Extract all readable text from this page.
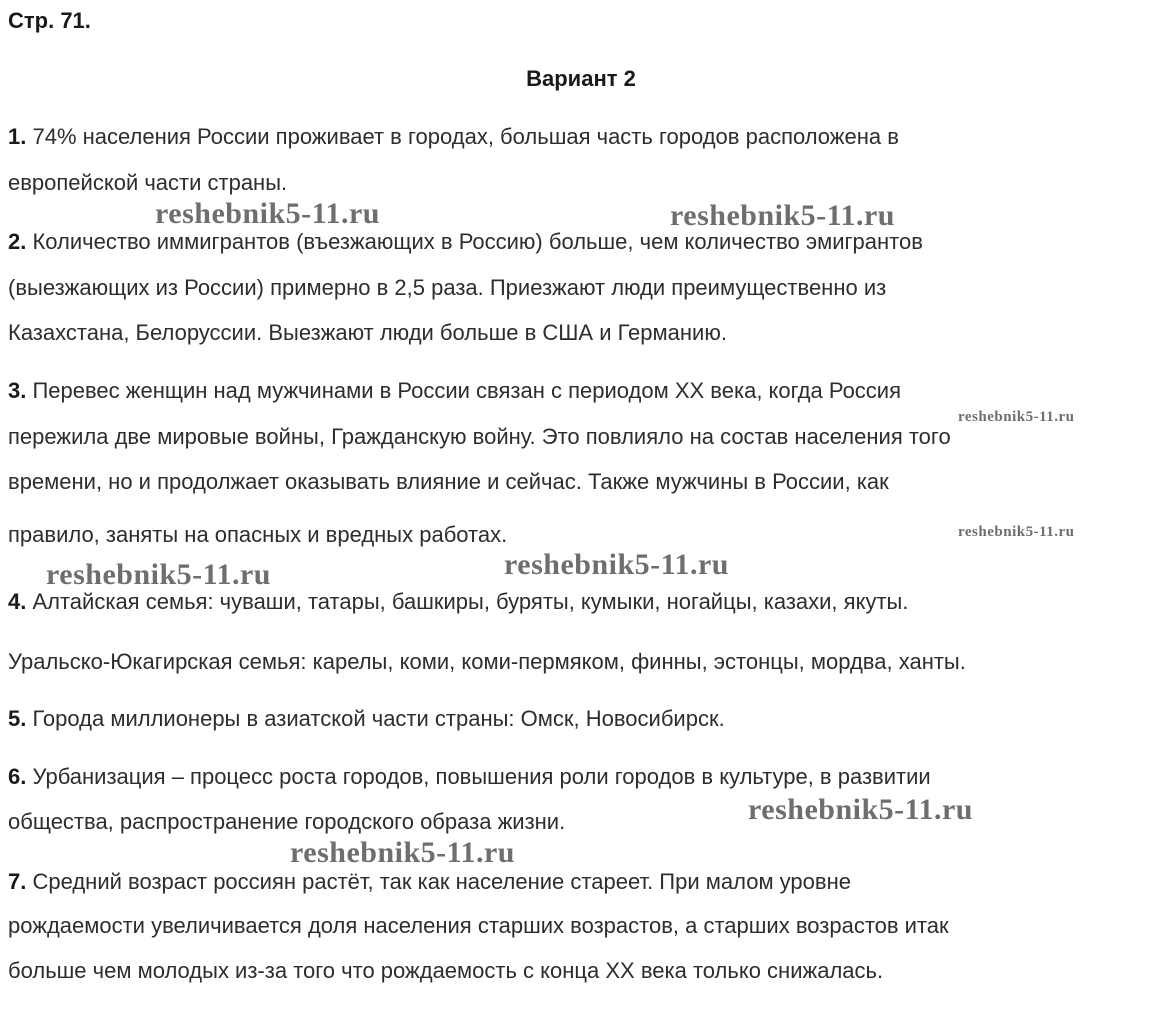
Стр. 71.
Вариант 2
1. 74% населения России проживает в городах, большая часть городов расположена в
европейской части страны.
2. Количество иммигрантов (въезжающих в Россию) больше, чем количество эмигрантов
(выезжающих из России) примерно в 2,5 раза. Приезжают люди преимущественно из
Казахстана, Белоруссии. Выезжают люди больше в США и Германию.
3. Перевес женщин над мужчинами в России связан с периодом XX века, когда Россия
пережила две мировые войны, Гражданскую войну. Это повлияло на состав населения того
времени, но и продолжает оказывать влияние и сейчас. Также мужчины в России, как
правило, заняты на опасных и вредных работах.
4. Алтайская семья: чуваши, татары, башкиры, буряты, кумыки, ногайцы, казахи, якуты.
Уральско-Юкагирская семья: карелы, коми, коми-пермяком, финны, эстонцы, мордва, ханты.
5. Города миллионеры в азиатской части страны: Омск, Новосибирск.
6. Урбанизация – процесс роста городов, повышения роли городов в культуре, в развитии
общества, распространение городского образа жизни.
7. Средний возраст россиян растёт, так как население стареет. При малом уровне
рождаемости увеличивается доля населения старших возрастов, а старших возрастов итак
больше чем молодых из-за того что рождаемость с конца XX века только снижалась.
reshebnik5-11.ru	reshebnik5-11.ru
reshebnik5-11.ru
reshebnik5-11.ru
reshebnik5-11.ru	reshebnik5-11.ru
reshebnik5-11.ru
reshebnik5-11.ru
